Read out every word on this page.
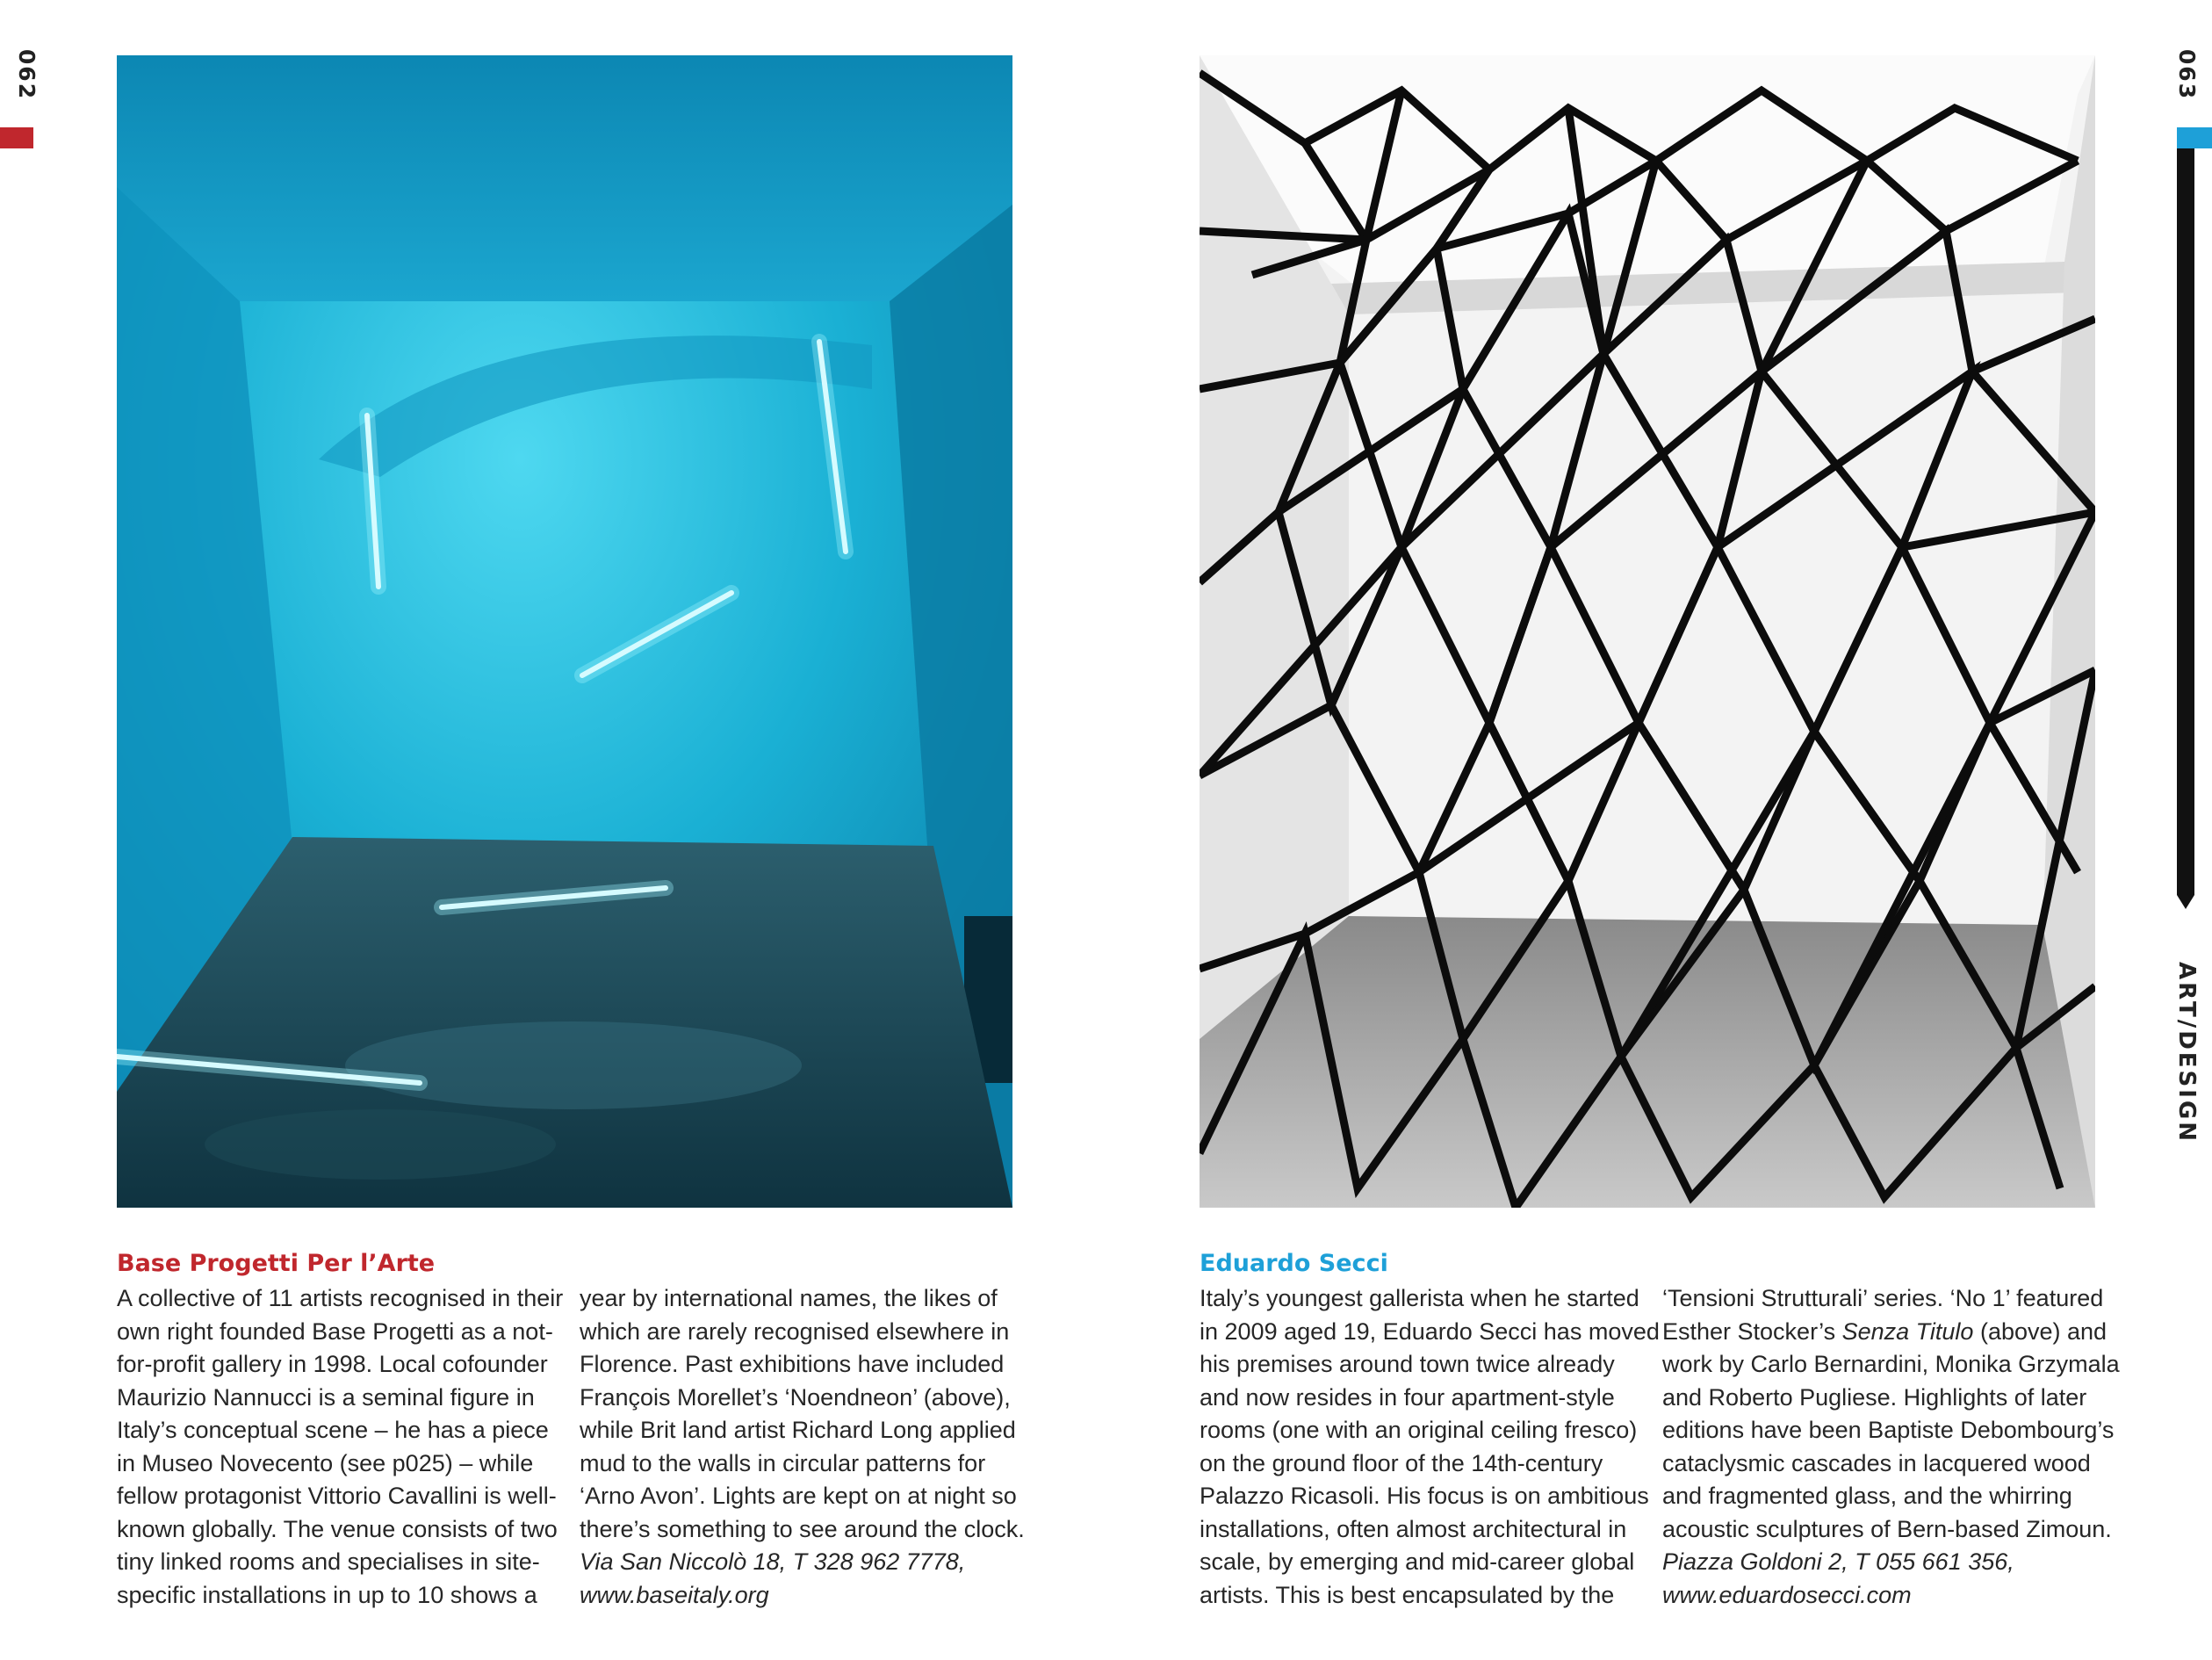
062
Base Progetti Per l’Arte
A collective of 11 artists recognised in their
own right founded Base Progetti as a not-
for-profit gallery in 1998. Local cofounder
Maurizio Nannucci is a seminal figure in
Italy’s conceptual scene – he has a piece
in Museo Novecento (see p025) – while
fellow protagonist Vittorio Cavallini is well-
known globally. The venue consists of two
tiny linked rooms and specialises in site-
specific installations in up to 10 shows a
year by international names, the likes of
which are rarely recognised elsewhere in
Florence. Past exhibitions have included
François Morellet’s ‘Noendneon’ (above),
while Brit land artist Richard Long applied
mud to the walls in circular patterns for
‘Arno Avon’. Lights are kept on at night so
there’s something to see around the clock.
Via San Niccolò 18, T 328 962 7778,
www.baseitaly.org
Eduardo Secci
Italy’s youngest gallerista when he started
in 2009 aged 19, Eduardo Secci has moved
his premises around town twice already
and now resides in four apartment-style
rooms (one with an original ceiling fresco)
on the ground floor of the 14th-century
Palazzo Ricasoli. His focus is on ambitious
installations, often almost architectural in
scale, by emerging and mid-career global
artists. This is best encapsulated by the
‘Tensioni Strutturali’ series. ‘No 1’ featured
Esther Stocker’s Senza Titulo (above) and
work by Carlo Bernardini, Monika Grzymala
and Roberto Pugliese. Highlights of later
editions have been Baptiste Debombourg’s
cataclysmic cascades in lacquered wood
and fragmented glass, and the whirring
acoustic sculptures of Bern-based Zimoun.
Piazza Goldoni 2, T 055 661 356,
www.eduardosecci.com
063
ART/DESIGN
